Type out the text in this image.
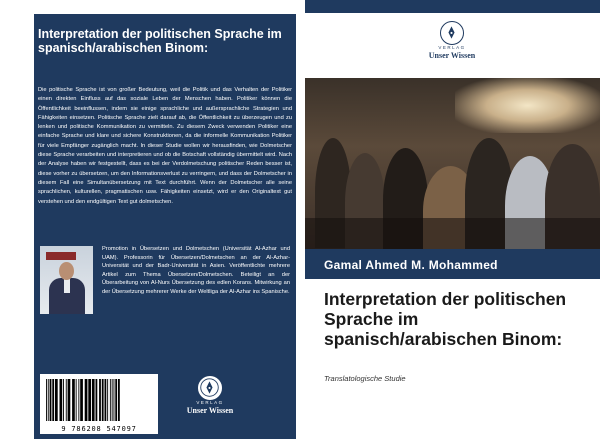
Interpretation der politischen Sprache im spanisch/arabischen Binom:
Die politische Sprache ist von großer Bedeutung, weil die Politik und das Verhalten der Politiker einen direkten Einfluss auf das soziale Leben der Menschen haben. Politiker können die Öffentlichkeit beeinflussen, indem sie einige sprachliche und außersprachliche Strategien und Fähigkeiten einsetzen. Politische Sprache zielt darauf ab, die Öffentlichkeit zu überzeugen und zu lenken und politische Kommunikation zu vermitteln. Zu diesem Zweck verwenden Politiker eine einfache Sprache und klare und sichere Konstruktionen, da die informelle Kommunikation Politiker für viele Empfänger zugänglich macht. In dieser Studie wollen wir herausfinden, wie Dolmetscher diese Sprache verarbeiten und interpretieren und ob die Botschaft vollständig übermittelt wird. Nach der Analyse haben wir festgestellt, dass es bei der Verdolmetschung politischer Reden besser ist, diese vorher zu übersetzen, um den Informationsverlust zu verringern, und dass der Dolmetscher in diesem Fall eine Simultanübersetzung mit Text durchführt. Wenn der Dolmetscher alle seine sprachlichen, kulturellen, pragmatischen usw. Fähigkeiten einsetzt, wird er den Originaltext gut verstehen und den endgültigen Text gut dolmetschen.
Promotion in Übersetzen und Dolmetschen (Universität Al-Azhar und UAM). Professorin für Übersetzen/Dolmetschen an der Al-Azhar-Universität und der Badr-Universität in Asien. Veröffentlichte mehrere Artikel zum Thema Übersetzen/Dolmetschen. Beteiligt an der Überarbeitung von Al-Nurs Übersetzung des edlen Korans. Mitwirkung an der Übersetzung mehrerer Werke der Weltliga der Al-Azhar ins Spanische.
VERLAG
Unser Wissen
9 786208 547097
VERLAG
Unser Wissen
Gamal Ahmed M. Mohammed
Interpretation der politischen Sprache im spanisch/arabischen Binom:
Translatologische Studie
